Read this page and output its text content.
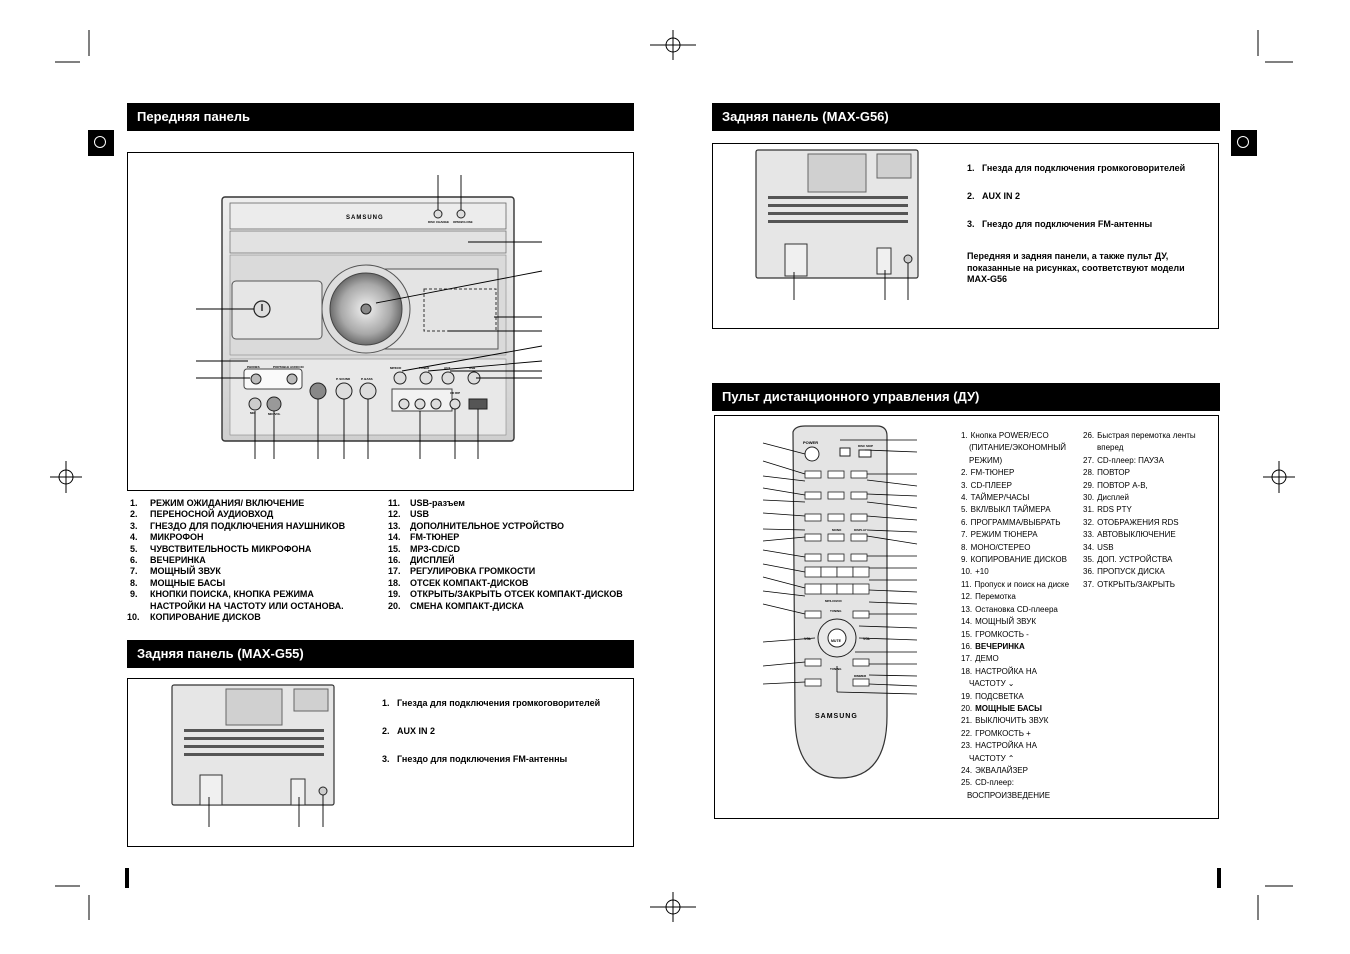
Передняя панель
SAMSUNG
DISC CHANGE OPEN/CLOSE
PHONES	PORTABLE AUDIO IN
MIC	MIC VOL
P. SOUND	P. BASS
MP3/CD	TUNER	AUX	USB
CD RIP
1.	РЕЖИМ ОЖИДАНИЯ/ ВКЛЮЧЕНИЕ
2.	ПЕРЕНОСНОЙ АУДИОВХОД
3.	ГНЕЗДО ДЛЯ ПОДКЛЮЧЕНИЯ НАУШНИКОВ
4.	МИКРОФОН
5.	ЧУВСТВИТЕЛЬНОСТЬ МИКРОФОНА
6.	ВЕЧЕРИНКА
7.	МОЩНЫЙ ЗВУК
8.	МОЩНЫЕ БАСЫ
9.	КНОПКИ ПОИСКА, КНОПКА РЕЖИМА
НАСТРОЙКИ НА ЧАСТОТУ ИЛИ ОСТАНОВА.
10.	КОПИРОВАНИЕ ДИСКОВ
11.	USB-разъем
12.	USB
13.	ДОПОЛНИТЕЛЬНОЕ УСТРОЙСТВО
14.	FM-ТЮНЕР
15.	MP3-CD/CD
16.	ДИСПЛЕЙ
17.	РЕГУЛИРОВКА ГРОМКОСТИ
18.	ОТСЕК КОМПАКТ-ДИСКОВ
19.	ОТКРЫТЬ/ЗАКРЫТЬ ОТСЕК КОМПАКТ-ДИСКОВ
20.	СМЕНА КОМПАКТ-ДИСКА
Задняя панель (MAX-G55)
1. Гнезда для подключения громкоговорителей
2. AUX IN 2
3. Гнездо для подключения FM-антенны
Задняя панель (MAX-G56)
1. Гнезда для подключения громкоговорителей
2. AUX IN 2
3. Гнездо для подключения FM-антенны
Передняя и задняя панели, а также пульт ДУ,
показанные на рисунках, соответствуют модели
MAX-G56
Пульт дистанционного управления (ДУ)
POWER
DISC SKIP
MUTE
VOL	VOL
TUNING
TUNING
MP3-CD/CD
MONO	DISPLAY
DIMMER
SAMSUNG
1. Кнопка POWER/ECO
(ПИТАНИЕ/ЭКОНОМНЫЙ
РЕЖИМ)
2. FM-ТЮНЕР
3. CD-ПЛЕЕР
4. ТАЙМЕР/ЧАСЫ
5. ВКЛ/ВЫКЛ ТАЙМЕРА
6. ПРОГРАММА/ВЫБРАТЬ
7. РЕЖИМ ТЮНЕРА
8. МОНО/СТЕРЕО
9. КОПИРОВАНИЕ ДИСКОВ
10. +10
11. Пропуск и поиск на диске
12. Перемотка
13. Остановка CD-плеера
14. МОЩНЫЙ ЗВУК
15. ГРОМКОСТЬ -
16. ВЕЧЕРИНКА
17. ДЕМО
18. НАСТРОЙКА НА
ЧАСТОТУ ⌄
19. ПОДСВЕТКА
20. МОЩНЫЕ БАСЫ
21. ВЫКЛЮЧИТЬ ЗВУК
22. ГРОМКОСТЬ +
23. НАСТРОЙКА НА
ЧАСТОТУ ⌃
24. ЭКВАЛАЙЗЕР
25. CD-плеер:
ВОСПРОИЗВЕДЕНИЕ
26. Быстрая перемотка ленты
вперед
27. CD-плеер: ПАУЗА
28. ПОВТОР
29. ПОВТОР A-B,
30. Дисплей
31. RDS PTY
32. ОТОБРАЖЕНИЯ RDS
33. АВТОВЫКЛЮЧЕНИЕ
34. USB
35. ДОП. УСТРОЙСТВА
36. ПРОПУСК ДИСКА
37. ОТКРЫТЬ/ЗАКРЫТЬ
